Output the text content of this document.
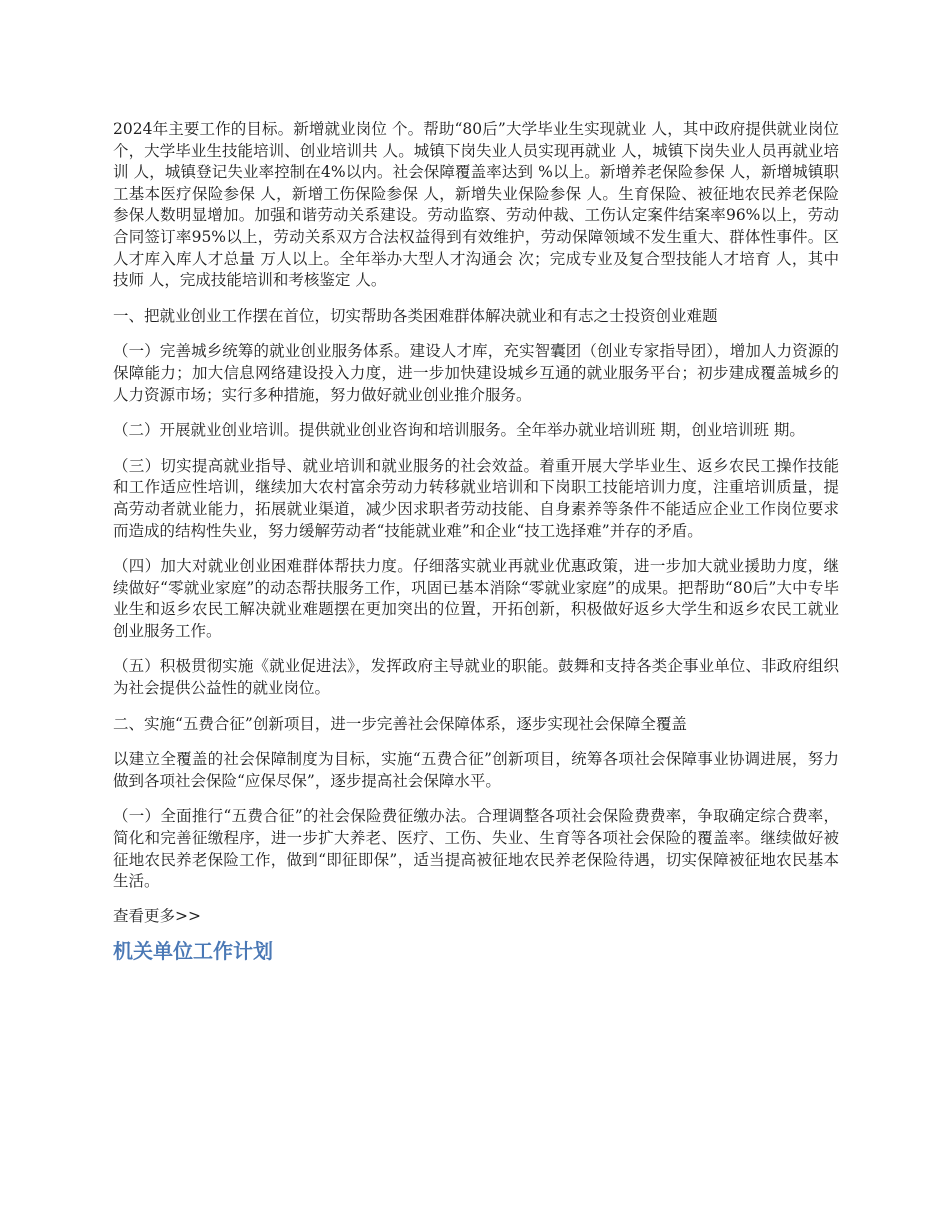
2024年主要工作的目标。新增就业岗位 个。帮助“80后”大学毕业生实现就业 人，其中政府提供就业岗位 个，大学毕业生技能培训、创业培训共 人。城镇下岗失业人员实现再就业 人，城镇下岗失业人员再就业培训 人，城镇登记失业率控制在4%以内。社会保障覆盖率达到 %以上。新增养老保险参保 人，新增城镇职工基本医疗保险参保 人，新增工伤保险参保 人，新增失业保险参保 人。生育保险、被征地农民养老保险参保人数明显增加。加强和谐劳动关系建设。劳动监察、劳动仲裁、工伤认定案件结案率96%以上，劳动合同签订率95%以上，劳动关系双方合法权益得到有效维护，劳动保障领域不发生重大、群体性事件。区人才库入库人才总量 万人以上。全年举办大型人才沟通会 次；完成专业及复合型技能人才培育 人，其中技师 人，完成技能培训和考核鉴定 人。

一、把就业创业工作摆在首位，切实帮助各类困难群体解决就业和有志之士投资创业难题

（一）完善城乡统筹的就业创业服务体系。建设人才库，充实智囊团（创业专家指导团），增加人力资源的保障能力；加大信息网络建设投入力度，进一步加快建设城乡互通的就业服务平台；初步建成覆盖城乡的人力资源市场；实行多种措施，努力做好就业创业推介服务。

（二）开展就业创业培训。提供就业创业咨询和培训服务。全年举办就业培训班 期，创业培训班 期。

（三）切实提高就业指导、就业培训和就业服务的社会效益。着重开展大学毕业生、返乡农民工操作技能和工作适应性培训，继续加大农村富余劳动力转移就业培训和下岗职工技能培训力度，注重培训质量，提高劳动者就业能力，拓展就业渠道，减少因求职者劳动技能、自身素养等条件不能适应企业工作岗位要求而造成的结构性失业，努力缓解劳动者“技能就业难”和企业“技工选择难”并存的矛盾。

（四）加大对就业创业困难群体帮扶力度。仔细落实就业再就业优惠政策，进一步加大就业援助力度，继续做好“零就业家庭”的动态帮扶服务工作，巩固已基本消除“零就业家庭”的成果。把帮助“80后”大中专毕业生和返乡农民工解决就业难题摆在更加突出的位置，开拓创新，积极做好返乡大学生和返乡农民工就业创业服务工作。

（五）积极贯彻实施《就业促进法》，发挥政府主导就业的职能。鼓舞和支持各类企事业单位、非政府组织为社会提供公益性的就业岗位。

二、实施“五费合征”创新项目，进一步完善社会保障体系，逐步实现社会保障全覆盖

以建立全覆盖的社会保障制度为目标，实施“五费合征”创新项目，统筹各项社会保障事业协调进展，努力做到各项社会保险“应保尽保”，逐步提高社会保障水平。

（一）全面推行“五费合征”的社会保险费征缴办法。合理调整各项社会保险费费率，争取确定综合费率，简化和完善征缴程序，进一步扩大养老、医疗、工伤、失业、生育等各项社会保险的覆盖率。继续做好被征地农民养老保险工作，做到“即征即保”，适当提高被征地农民养老保险待遇，切实保障被征地农民基本生活。

查看更多>>
机关单位工作计划
